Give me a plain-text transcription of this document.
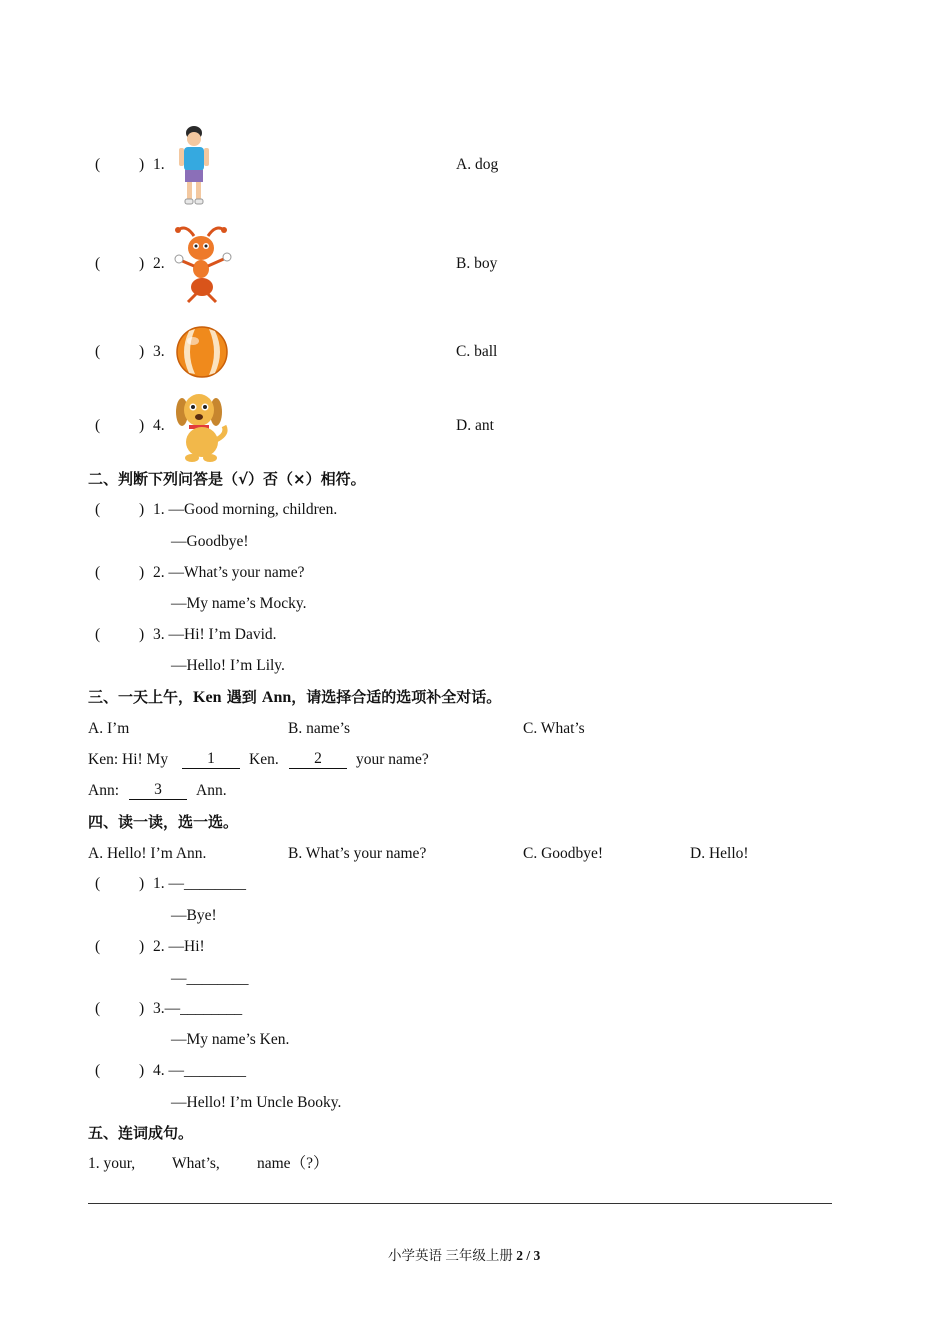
(	) 1.	A. dog
(	) 2.	B. boy
(	) 3.	C. ball
(	) 4.	D. ant
二、判断下列问答是（√）否（×）相符。
(	) 1. —Good morning, children.
—Goodbye!
(	) 2. —What’s your name?
—My name’s Mocky.
(	) 3. —Hi! I’m David.
—Hello! I’m Lily.
三、一天上午，Ken 遇到 Ann，请选择合适的选项补全对话。
A. I’m	B. name’s	C. What’s
Ken: Hi! My	1	Ken.	2	your name?
Ann:	3	Ann.
四、读一读，选一选。
A. Hello! I’m Ann.	B. What’s your name?	C. Goodbye!	D. Hello!
(	) 1. —________
—Bye!
(	) 2. —Hi!
—________
(	) 3.—________
—My name’s Ken.
(	) 4. —________
—Hello! I’m Uncle Booky.
五、连词成句。
1. your, What’s, name（?）
小学英语 三年级上册 2 / 3
